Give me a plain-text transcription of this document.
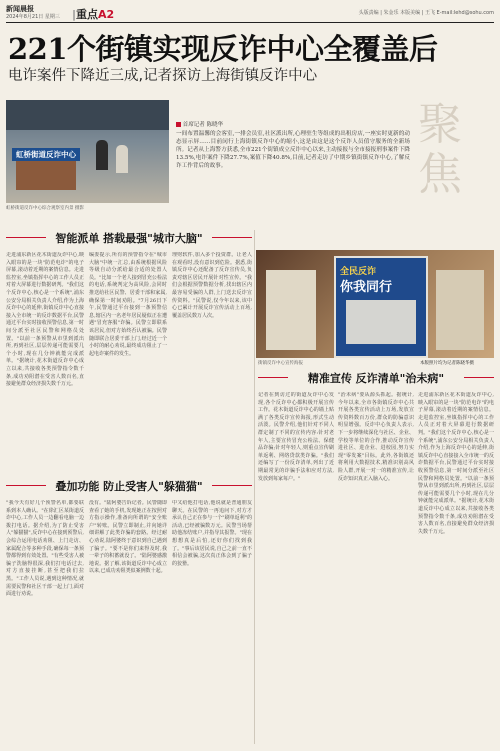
新闻晨报
2024年8月21日 星期三 |重点A2	头版责编 | 朱金乐 本版美编 | 王飞 E-mail:lehd@sohu.com
221个街镇实现反诈中心全覆盖后
电诈案件下降近三成,记者探访上海街镇反诈中心
虹桥街道反诈中心
虹桥街道反诈中心综合观察室内景 摄影
首席记者 陈晓华
一间布置温馨的会客室,一排会员室,社区派出所,心理驻生等组成的出租房店,一座实时更新的动态显示屏……目前闵行上海街镇反诈中心的缩小,这是由这是这个反诈人员值守服务的全新场所。记者从上海警方获悉,全市221个街镇成立反诈中心以来,主动接报与全市接报刑事案件下降13.5%,电诈案件下降27.7%,案值下降40.8%,目前,记者走访了中期乡镇街镇反诈中心,了解反诈工作背后的故事。
聚焦
智能派单 搭载最强"城市大脑"
走进浦东新区花木街道反诈中心,映入眼帘的是一块"防范电诈"的电子屏幕,滚动着近期的案情信息。走进监控室,坐镇指挥中心的工作人员正对着大屏幕进行数据研判。"我们这个反诈中心,核心是一个系统",浦东公安分局相关负责人介绍,作为上海反诈中心的延伸,街镇反诈中心直接接入全市统一的反诈数据平台,民警通过平台实时接收预警信息,第一时间分派至社区民警和网格员处置。"以前一条预警从市里到派出所,再到社区,层层传递可能需要几个小时,现在几分钟就能完成派单。"据统计,花木街道反诈中心成立以来,共接收各类预警指令数千条,成功劝阻潜在受害人数百名,直接避免群众经济损失数千万元。
编委提示,所有的预警指令在"城市大脑"中统一汇总,由系统根据风险等级自动分派给最合适的处置人员。"比如一个老人接到冒充公检法的电话,系统判定为高风险,会同时推送给社区民警、居委干部和家属,确保第一时间劝阻。"7月26日下午,民警通过平台接到一条预警信息,辖区内一名老年居民疑似正在遭遇"冒充客服"诈骗。民警立即联系该居民,但对方始终否认被骗。民警随即联合居委干部上门,经过近一个小时的耐心劝说,最终成功阻止了一起电诈案件的发生。
理财软件,加入多个投资群。让老人在观看时,没有意识到危险。据悉,街镇反诈中心还配备了反诈宣传员,负责对辖区居民开展针对性宣传。"我们会根据预警数据分析,找出辖区内最容易受骗的人群,上门送去反诈宣传资料。"民警说,仅今年以来,该中心已累计开展反诈宣传活动上百场,覆盖居民数万人次。
全民反诈
你我同行
街镇反诈中心宣传海报	本版照片均为记者陈晓华摄
精准宣传 反诈清单"治未病"
记者在到访过的街道反诈中心发现,各个反诈中心都积极开展宣传工作。花木街道反诈中心的墙上贴满了各类反诈宣传海报,形式生动活泼。民警介绍,他们针对不同人群定制了不同的宣传内容:针对老年人,主要宣传冒充公检法、保健品诈骗;针对年轻人,则重点宣传刷单返利、网络贷款类诈骗。"我们还编写了一份反诈清单,列出了近期最常见的诈骗手法和应对方法,发放到每家每户。"
"治未病"要从源头抓起。据统计,今年以来,全市各街镇反诈中心共开展各类宣传活动上万场,发放宣传资料数百万份,群众的防骗意识明显增强。反诈中心负责人表示,下一步将继续深化与社区、企业、学校等单位的合作,推动反诈宣传进社区、进企业、进校园,努力实现"零发案"目标。此外,各街镇还将利用大数据技术,精准识别高风险人群,开展一对一的精准宣传,让反诈知识真正入脑入心。
走进浦东新区花木街道反诈中心,映入眼帘的是一块"防范电诈"的电子屏幕,滚动着近期的案情信息。走进监控室,坐镇指挥中心的工作人员正对着大屏幕进行数据研判。"我们这个反诈中心,核心是一个系统",浦东公安分局相关负责人介绍,作为上海反诈中心的延伸,街镇反诈中心直接接入全市统一的反诈数据平台,民警通过平台实时接收预警信息,第一时间分派至社区民警和网格员处置。"以前一条预警从市里到派出所,再到社区,层层传递可能需要几个小时,现在几分钟就能完成派单。"据统计,花木街道反诈中心成立以来,共接收各类预警指令数千条,成功劝阻潜在受害人数百名,直接避免群众经济损失数千万元。
叠加功能 防止受害人"躲猫猫"
"我今天有好几个预警名单,都要联系到本人确认。"在徐汇区某街道反诈中心,工作人员一边翻看电脑一边拨打电话。据介绍,为了防止受害人"躲猫猫",反诈中心在接到预警后,会综合运用电话劝阻、上门走访、家属配合等多种手段,确保每一条预警都得到有效处置。"有些受害人被骗子洗脑得很深,我们打电话过去,对方直接挂断,甚至把我们拉黑。"工作人员说,遇到这种情况,就需要民警和社区干部一起上门,面对面进行劝说。
没有。"陆阿婆告诉记者。民警随即查看了她的手机,发现她正在按照对方指示操作,准备向所谓的"安全账户"转账。民警立即制止,并向她详细讲解了此类诈骗的套路。经过耐心劝说,陆阿婆终于意识到自己遇到了骗子。"要不是你们来得及时,我一辈子的积蓄就没了。"陆阿婆感激地说。据了解,该街道反诈中心成立以来,已成功劝阻类似案例数十起。
中又给他打电话,他说就是普通朋友聊天。在民警的一再追问下,对方才承认自己正在参与一个"刷单返利"的活动,已经被骗数万元。民警当场帮助他冻结账户,并指导其报警。"现在想想真是后怕,还好你们找到我了。"事后该居民说,自己之前一直不相信会被骗,这次真正体会到了骗子的狡猾。
